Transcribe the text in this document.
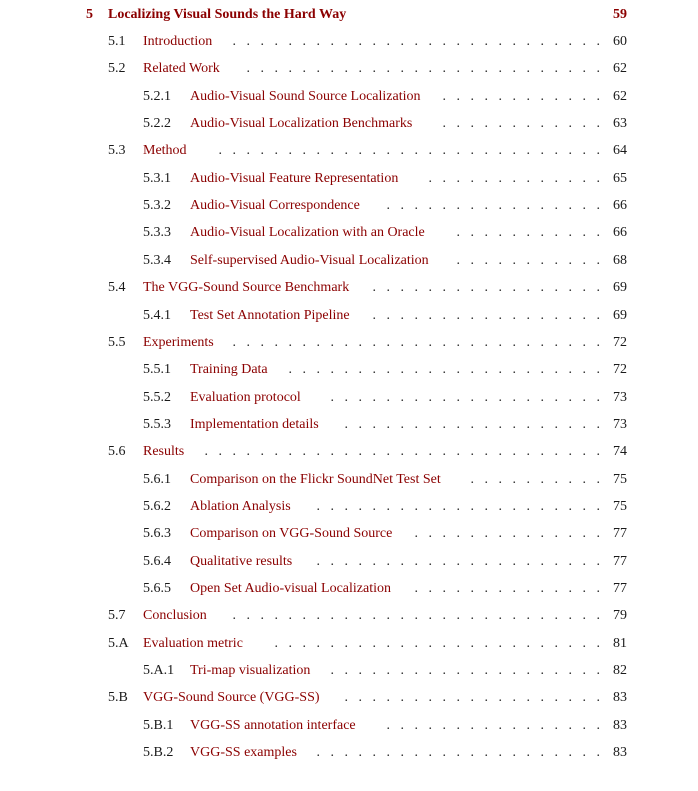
5 Localizing Visual Sounds the Hard Way	59
5.1 Introduction	.   .   .   .   .   .   .   .   .   .   .   .   .   .   .   .   .   .   .   .   .   .   .   .   .   .   . 60
5.2 Related Work	.   .   .   .   .   .   .   .   .   .   .   .   .   .   .   .   .   .   .   .   .   .   .   .   .   . 62
5.2.1 Audio-Visual Sound Source Localization	.   .   .   .   .   .   .   .   .   .   .   . 62
5.2.2 Audio-Visual Localization Benchmarks	.   .   .   .   .   .   .   .   .   .   .   . 63
5.3 Method	.   .   .   .   .   .   .   .   .   .   .   .   .   .   .   .   .   .   .   .   .   .   .   .   .   .   .   . 64
5.3.1 Audio-Visual Feature Representation	.   .   .   .   .   .   .   .   .   .   .   .   . 65
5.3.2 Audio-Visual Correspondence	.   .   .   .   .   .   .   .   .   .   .   .   .   .   .   . 66
5.3.3 Audio-Visual Localization with an Oracle	.   .   .   .   .   .   .   .   .   .   . 66
5.3.4 Self-supervised Audio-Visual Localization	.   .   .   .   .   .   .   .   .   .   . 68
5.4 The VGG-Sound Source Benchmark	.   .   .   .   .   .   .   .   .   .   .   .   .   .   .   .   . 69
5.4.1 Test Set Annotation Pipeline	.   .   .   .   .   .   .   .   .   .   .   .   .   .   .   .   . 69
5.5 Experiments	.   .   .   .   .   .   .   .   .   .   .   .   .   .   .   .   .   .   .   .   .   .   .   .   .   .   . 72
5.5.1 Training Data	.   .   .   .   .   .   .   .   .   .   .   .   .   .   .   .   .   .   .   .   .   .   . 72
5.5.2 Evaluation protocol	.   .   .   .   .   .   .   .   .   .   .   .   .   .   .   .   .   .   .   . 73
5.5.3 Implementation details	.   .   .   .   .   .   .   .   .   .   .   .   .   .   .   .   .   .   . 73
5.6 Results	.   .   .   .   .   .   .   .   .   .   .   .   .   .   .   .   .   .   .   .   .   .   .   .   .   .   .   .   . 74
5.6.1 Comparison on the Flickr SoundNet Test Set	.   .   .   .   .   .   .   .   .   . 75
5.6.2 Ablation Analysis	.   .   .   .   .   .   .   .   .   .   .   .   .   .   .   .   .   .   .   .   . 75
5.6.3 Comparison on VGG-Sound Source	.   .   .   .   .   .   .   .   .   .   .   .   .   . 77
5.6.4 Qualitative results	.   .   .   .   .   .   .   .   .   .   .   .   .   .   .   .   .   .   .   .   . 77
5.6.5 Open Set Audio-visual Localization	.   .   .   .   .   .   .   .   .   .   .   .   .   . 77
5.7 Conclusion	.   .   .   .   .   .   .   .   .   .   .   .   .   .   .   .   .   .   .   .   .   .   .   .   .   .   . 79
5.A Evaluation metric	.   .   .   .   .   .   .   .   .   .   .   .   .   .   .   .   .   .   .   .   .   .   .   . 81
5.A.1 Tri-map visualization	.   .   .   .   .   .   .   .   .   .   .   .   .   .   .   .   .   .   .   . 82
5.B VGG-Sound Source (VGG-SS)	.   .   .   .   .   .   .   .   .   .   .   .   .   .   .   .   .   .   . 83
5.B.1 VGG-SS annotation interface	.   .   .   .   .   .   .   .   .   .   .   .   .   .   .   . 83
5.B.2 VGG-SS examples	.   .   .   .   .   .   .   .   .   .   .   .   .   .   .   .   .   .   .   .   . 83
